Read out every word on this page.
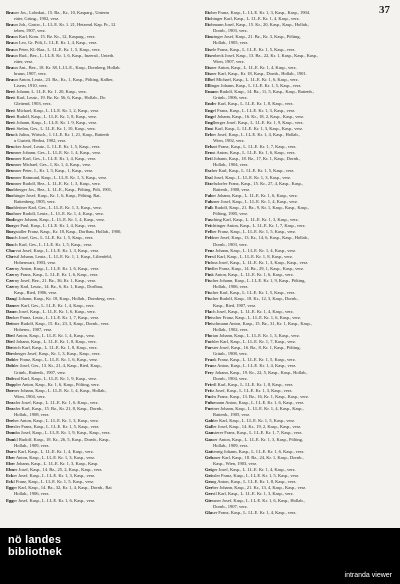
37
Brauer Jos., Lohnkut., 15. Bz., Kr., 10, Kasparg., Unterm
rüter, Grüng., 1902, verz.
Braun Joh., Gastw., L. I.L.E. Kr. 1. 21, Hetzend. Kap. Pr., 12
ieben, 1907, verz.
Braun Karl, Kom. 15. Bz. Kr., 12, Kasparg., verz.
Braun Leo, Gr. Pölt, L. I.L.E. Kr. 1, 4, Kasp., verz.
Braun Peter, Kl.-Raa., L. I.L.E. Kr. 1, 5, Kasp., verz.
Braun Rud., Bez., L. I.L.E. Kr. 1, 6, Kasp., Inzersd., Unterh.
rüter, verz.
Braun Ant., Bez., 18. Kr. 38, L.I.L.E., Kasp., Dornberg, Hollab.
bruun, 1907, verz.
Braun Anton, Leutz., 23. Bz., Kr., 1, Kasp., Pölting, Kalber,
Lisern, 1910, verz.
Breit Johann, L. I.L.E. Kr. 1. 20, Kasp., verz.
Breit Karl, Leutz., 19. Bz. Kr. 56, 6, Kasp., Hollab., Do
Gleitend, 1903, verz.
Breit Michael, Kasp., L. I.L.E. Kr. 1, 2, Kasp., verz.
Breit Rudolf, Kasp., L. I.L.E. Kr. 1, 8, Kasp., verz.
Breit Johann, Kasp., L. I.L.E. Kr. 1. 9, Kasp., verz.
Breit Stefan, Ges., L. I.L.E. Kr. 1, 10, Kasp., verz.
Bruck Julius, Wirtsch., 1. I.L.E. Kr. 1, 21, Kasp., Rattenb
u Gurteit, Herbst, 1902, verz.
Brucker Josef, Leutz., L. I.L.E. Kr. 1, 5, Kasp., verz.
Brunner Johann, Ges., L. I.L.E. Kr. 1, 4, Kasp., verz.
Brunner Karl, Ges., L. I.L.E. Kr. 1, 4, Kasp., verz.
Brunner Michael, Ges., 1, Kr. 1, 4, Kasp., verz.
Brunner Peter, 1., Kr. 1, 5, Kasp., 1, Kasp., verz.
Brunner Raimund, Kasp., L. I.L.E. Kr. 1, 3, Kasp., verz.
Brunner Rudolf, Bez., L. I.L.E. Kr. 1, 3, Kasp., verz.
Buchberger Jos., Bez., L. I.L.E., Kasp., Pölting, Pölt, 1901,
Buchinger Josef, Kasp., Kr. 1, 6, Kasp., Pölting, Rat,
Rattenberg, 1905, verz.
Buchleitner Karl, Ges., L. I.L.E. Kr. 1, 3, Kasp., verz.
Buchner Rudolf, Leutz., L. I.L.E. Kr. 1, 4, Kasp., verz.
Budinger Johann, Kasp., L. I.L.E. Kr. 1, 4, Kasp., verz.
Burger Paul, Kasp., L. I.L.E. Kr. 1, 4, Kasp., verz.
Burgstaller Franz, Kasp., Kr. 18, Kasp., Dorfbau, Hollab., 1900,
Busch Josef, Ges., L. I.L.E. Kr. 1, 5, Kasp., verz.
Busch Karl, Ges., L. I.L.E. Kr. 1, 5, Kasp., verz.
Charvat Josef, Kasp., L. I.L.E. Kr. 1, 3, Kasp., verz.
Christl Johann, Leutz., L. I.L.E. Kr. 1, 1, Kasp., Lilienfeld,
Hohenwart, 1903, verz.
Czerny Anton, Kasp., L. I.L.E. Kr. 1, 6, Kasp., verz.
Czerny Franz, Kasp., L. I.L.E. Kr. 1, 6, Kasp., verz.
Czerny Josef, Bez., 21. Bz., 36, Kr. 1, Kasp., verz.
Czerny Karl, Leutz., 14. Bz., 6, Kr. 1, Kasp., Dorfbau,
Kasp., Ried, 1906, verz.
Dangl Johann, Kasp., Kr. 18, Kasp., Hollab., Dornberg, verz.
Danner Karl, Ges., L. I.L.E. Kr. 1, 4, Kasp., verz.
Daum Josef, Kasp., L. I.L.E. Kr. 1, 6, Kasp., verz.
Decker Franz, Leutz., L. I.L.E. Kr. 1, 7, Kasp., verz.
Deimer Rudolf, Kasp., 15. Kr., 23, 3, Kasp., Dornb., verz.
Hohenw., 1907, verz.
Dietl Anton, Kasp., L. I.L.E. Kr. 1, 4, Kasp., verz.
Dietl Johann, Kasp., L. I.L.E. Kr. 1, 8, Kasp., verz.
Dietrich Karl, Kasp., L. I.L.E. Kr. 1, 8, Kasp., verz.
Dirnberger Josef, Kasp., Kr. 1, 3, Kasp., Kasp., verz.
Dobler Franz, Kasp., L. I.L.E. Kr. 1, 6, Kasp., verz.
Dobler Josef, Ges., 13. Kr., 21, 4, Kasp., Ried, Kasp.,
Grünb., Rattenb., 1907, verz.
Dolezal Karl, Kasp., L. I.L.E. Kr. 1, 9, Kasp., verz.
Doppler Anton, Kasp., Kr. 1, 6, Kasp., Pölting, verz.
Dorner Johann, Kasp., L. I.L.E. Kr. 1, 4, Kasp., Hollab.,
Wien, 1904, verz.
Draxler Josef, Kasp., L. I.L.E. Kr. 1, 6, Kasp., verz.
Draxler Karl, Kasp., 15. Bz., Kr. 21, 8, Kasp., Dornb.,
Hollab., 1908, verz.
Dreher Anton, Kasp., L. I.L.E. Kr. 1, 3, Kasp., verz.
Drexler Franz, Kasp., L. I.L.E. Kr. 1, 5, Kasp., verz.
Dumba Josef, Kasp., L. I.L.E. Kr. 1, 9, Kasp., Kasp., verz.
Dunkl Rudolf, Kasp., 18. Kr., 26, 5, Kasp., Dornb., Kasp.,
Hollab., 1909, verz.
Durst Karl, Kasp., L. I.L.E. Kr. 1, 4, Kasp., verz.
Eber Anton, Kasp., L. I.L.E. Kr. 1, 3, Kasp., verz.
Eber Johann, Kasp., L. I.L.E. Kr. 1, 3, Kasp., Kasp.
Ebner Josef, Kasp., 14. Bz., 25, 2, Kasp., Kasp., verz.
Ecker Josef, Kasp., L. I.L.E. Kr. 1, 3, Kasp., verz.
Eckl Franz, Kasp., L. I.L.E. Kr. 1, 5, Kasp., verz.
Egger Karl, Kasp., 14. Bz., 32, Kr. 1, 4, Kasp., Dornb., Rai
Hollab., 1906, verz.
Egger Josef, Kasp., L. I.L.E. Kr. 1, 6, Kasp., verz.
Eicher Franz, Kasp., L. I.L.E. Kr. 1, 3, Kasp., Kasp., 1904.
Eichinger Karl, Kasp., L. I.L.E. Kr. 1, 4, Kasp., verz.
Eichmann Josef, Kasp., 15. Kr., 20, Kasp., Kasp., Hollab.,
Dornb., 1903, verz.
Einzinger Josef, Kasp., 21. Bz., Kr. 3, Kasp., Pölting,
Hollab., 1905, verz.
Eisele Franz, Kasp., L. I.L.E. Kr. 1, 5, Kasp., verz.
Eisenbeck Josef, Kasp., 13. Bz., 22, Kr. 1, Kasp., Kasp., Kasp.,
Wien, 1907, verz.
Eisner Anton, Kasp., L. I.L.E. Kr. 1, 4, Kasp., verz.
Eisner Karl, Kasp., Kr. 18, Kasp., Dornb., Hollab., 1901.
Elbel Michael, Kasp., L. I.L.E. Kr. 1, 6, Kasp., verz.
Ellinger Johann, Kasp., L. I.L.E. Kr. 1, 5, Kasp., verz.
Emann Rudolf, Kasp., 14. Bz., 11, 5, Kasp., Kasp., Rattenb.,
Grünb., 1906, verz.
Ender Karl, Kasp., L. I.L.E. Kr. 1, 8, Kasp., verz.
Engel Franz, Kasp., L. I.L.E. Kr. 1, 3, Kasp., verz.
Engel Johann, Kasp., 16. Kr., 18, 2, Kasp., Kasp., verz.
Englberger Josef, Kasp., L. I.L.E. Kr. 1, 9, Kasp., verz.
Enst Karl, Kasp., L. I.L.E. Kr. 1, 3, Kasp., Kasp., verz.
Erber Josef, Kasp., L. I.L.E. Kr. 1, 4, Kasp., Hollab.,
Wien, 1902, verz.
Erhart Franz, Kasp., L. I.L.E. Kr. 1, 7, Kasp., verz.
Ernst Anton, Kasp., L. I.L.E. Kr. 1, 6, Kasp., verz.
Ertl Johann, Kasp., 18. Bz., 17, Kr. 1, Kasp., Dornb.,
Hollab., 1904, verz.
Escher Karl, Kasp., L. I.L.E. Kr. 1, 5, Kasp., verz.
Essl Josef, Kasp., L. I.L.E. Kr. 1, 3, Kasp., verz.
Etzelsdorfer Franz, Kasp., 15. Kr., 27, 4, Kasp., Kasp.,
Rattenb., 1908, verz.
Faber Johann, Kasp., L. I.L.E. Kr. 1, 6, Kasp., verz.
Fahrner Josef, Kasp., L. I.L.E. Kr. 1, 4, Kasp., verz.
Falk Rudolf, Kasp., 21. Bz., 9, Kr. 1, Kasp., Kasp., Kasp.,
Pölting, 1905, verz.
Fasching Karl, Kasp., L. I.L.E. Kr. 1, 3, Kasp., verz.
Feichtinger Anton, Kasp., L. I.L.E. Kr. 1, 7, Kasp., verz.
Felber Franz, Kasp., L. I.L.E. Kr. 1, 5, Kasp., verz.
Feldner Josef, Kasp., 13. Kr., 14, 6, Kasp., Kasp., Hollab.,
Dornb., 1903, verz.
Fenz Johann, Kasp., L. I.L.E. Kr. 1, 4, Kasp., verz.
Ferstl Karl, Kasp., L. I.L.E. Kr. 1, 8, Kasp., verz.
Fichna Josef, Kasp., L. I.L.E. Kr. 1, 3, Kasp., Kasp., verz.
Fiedler Franz, Kasp., 14. Bz., 29, 1, Kasp., Kasp., verz.
Fink Anton, Kasp., L. I.L.E. Kr. 1, 6, Kasp., verz.
Fischer Johann, Kasp., L. I.L.E. Kr. 1, 9, Kasp., Pölting,
Hollab., 1906, verz.
Fischer Karl, Kasp., L. I.L.E. Kr. 1, 5, Kasp., verz.
Fischer Rudolf, Kasp., 18. Kr., 12, 3, Kasp., Dornb.,
Kasp., Ried, 1907, verz.
Flach Josef, Kasp., L. I.L.E. Kr. 1, 4, Kasp., verz.
Fleischer Franz, Kasp., L. I.L.E. Kr. 1, 6, Kasp., verz.
Fleischmann Anton, Kasp., 15. Bz., 31, Kr. 1, Kasp., Kasp.,
Hollab., 1902, verz.
Florian Johann, Kasp., L. I.L.E. Kr. 1, 3, Kasp., verz.
Fochler Karl, Kasp., L. I.L.E. Kr. 1, 7, Kasp., verz.
Forster Josef, Kasp., 16. Bz., 8, Kr. 1, Kasp., Pölting,
Grünb., 1908, verz.
Frank Franz, Kasp., L. I.L.E. Kr. 1, 5, Kasp., verz.
Franz Anton, Kasp., L. I.L.E. Kr. 1, 4, Kasp., verz.
Frey Johann, Kasp., 19. Kr., 22, 5, Kasp., Kasp., Hollab.,
Dornb., 1904, verz.
Friedl Karl, Kasp., L. I.L.E. Kr. 1, 8, Kasp., verz.
Fritz Josef, Kasp., L. I.L.E. Kr. 1, 3, Kasp., verz.
Fuchs Franz, Kasp., 13. Bz., 16, Kr. 1, Kasp., Kasp., verz.
Fuhrmann Anton, Kasp., L. I.L.E. Kr. 1, 6, Kasp., verz.
Furtner Johann, Kasp., L. I.L.E. Kr. 1, 4, Kasp., Kasp.,
Rattenb., 1905, verz.
Gabler Karl, Kasp., L. I.L.E. Kr. 1, 5, Kasp., verz.
Galler Josef, Kasp., 14. Kr., 19, 2, Kasp., Kasp., verz.
Gansterer Franz, Kasp., L. I.L.E. Kr. 1, 7, Kasp., verz.
Gasser Anton, Kasp., L. I.L.E. Kr. 1, 3, Kasp., Pölting,
Hollab., 1909, verz.
Gatternig Johann, Kasp., L. I.L.E. Kr. 1, 6, Kasp., verz.
Gebauer Karl, Kasp., 18. Bz., 24, Kr. 1, Kasp., Dornb.,
Kasp., Wien, 1903, verz.
Geiger Josef, Kasp., L. I.L.E. Kr. 1, 4, Kasp., verz.
Geissler Franz, Kasp., L. I.L.E. Kr. 1, 5, Kasp., verz.
Georg Anton, Kasp., L. I.L.E. Kr. 1, 8, Kasp., verz.
Gerber Johann, Kasp., 21. Kr., 13, 4, Kasp., Kasp., verz.
Gerstl Karl, Kasp., L. I.L.E. Kr. 1, 3, Kasp., verz.
Giessner Josef, Kasp., L. I.L.E. Kr. 1, 6, Kasp., Hollab.,
Dornb., 1907, verz.
Glaser Franz, Kasp., L. I.L.E. Kr. 1, 4, Kasp., verz.
nö landes
bibliothek
intranda viewer
